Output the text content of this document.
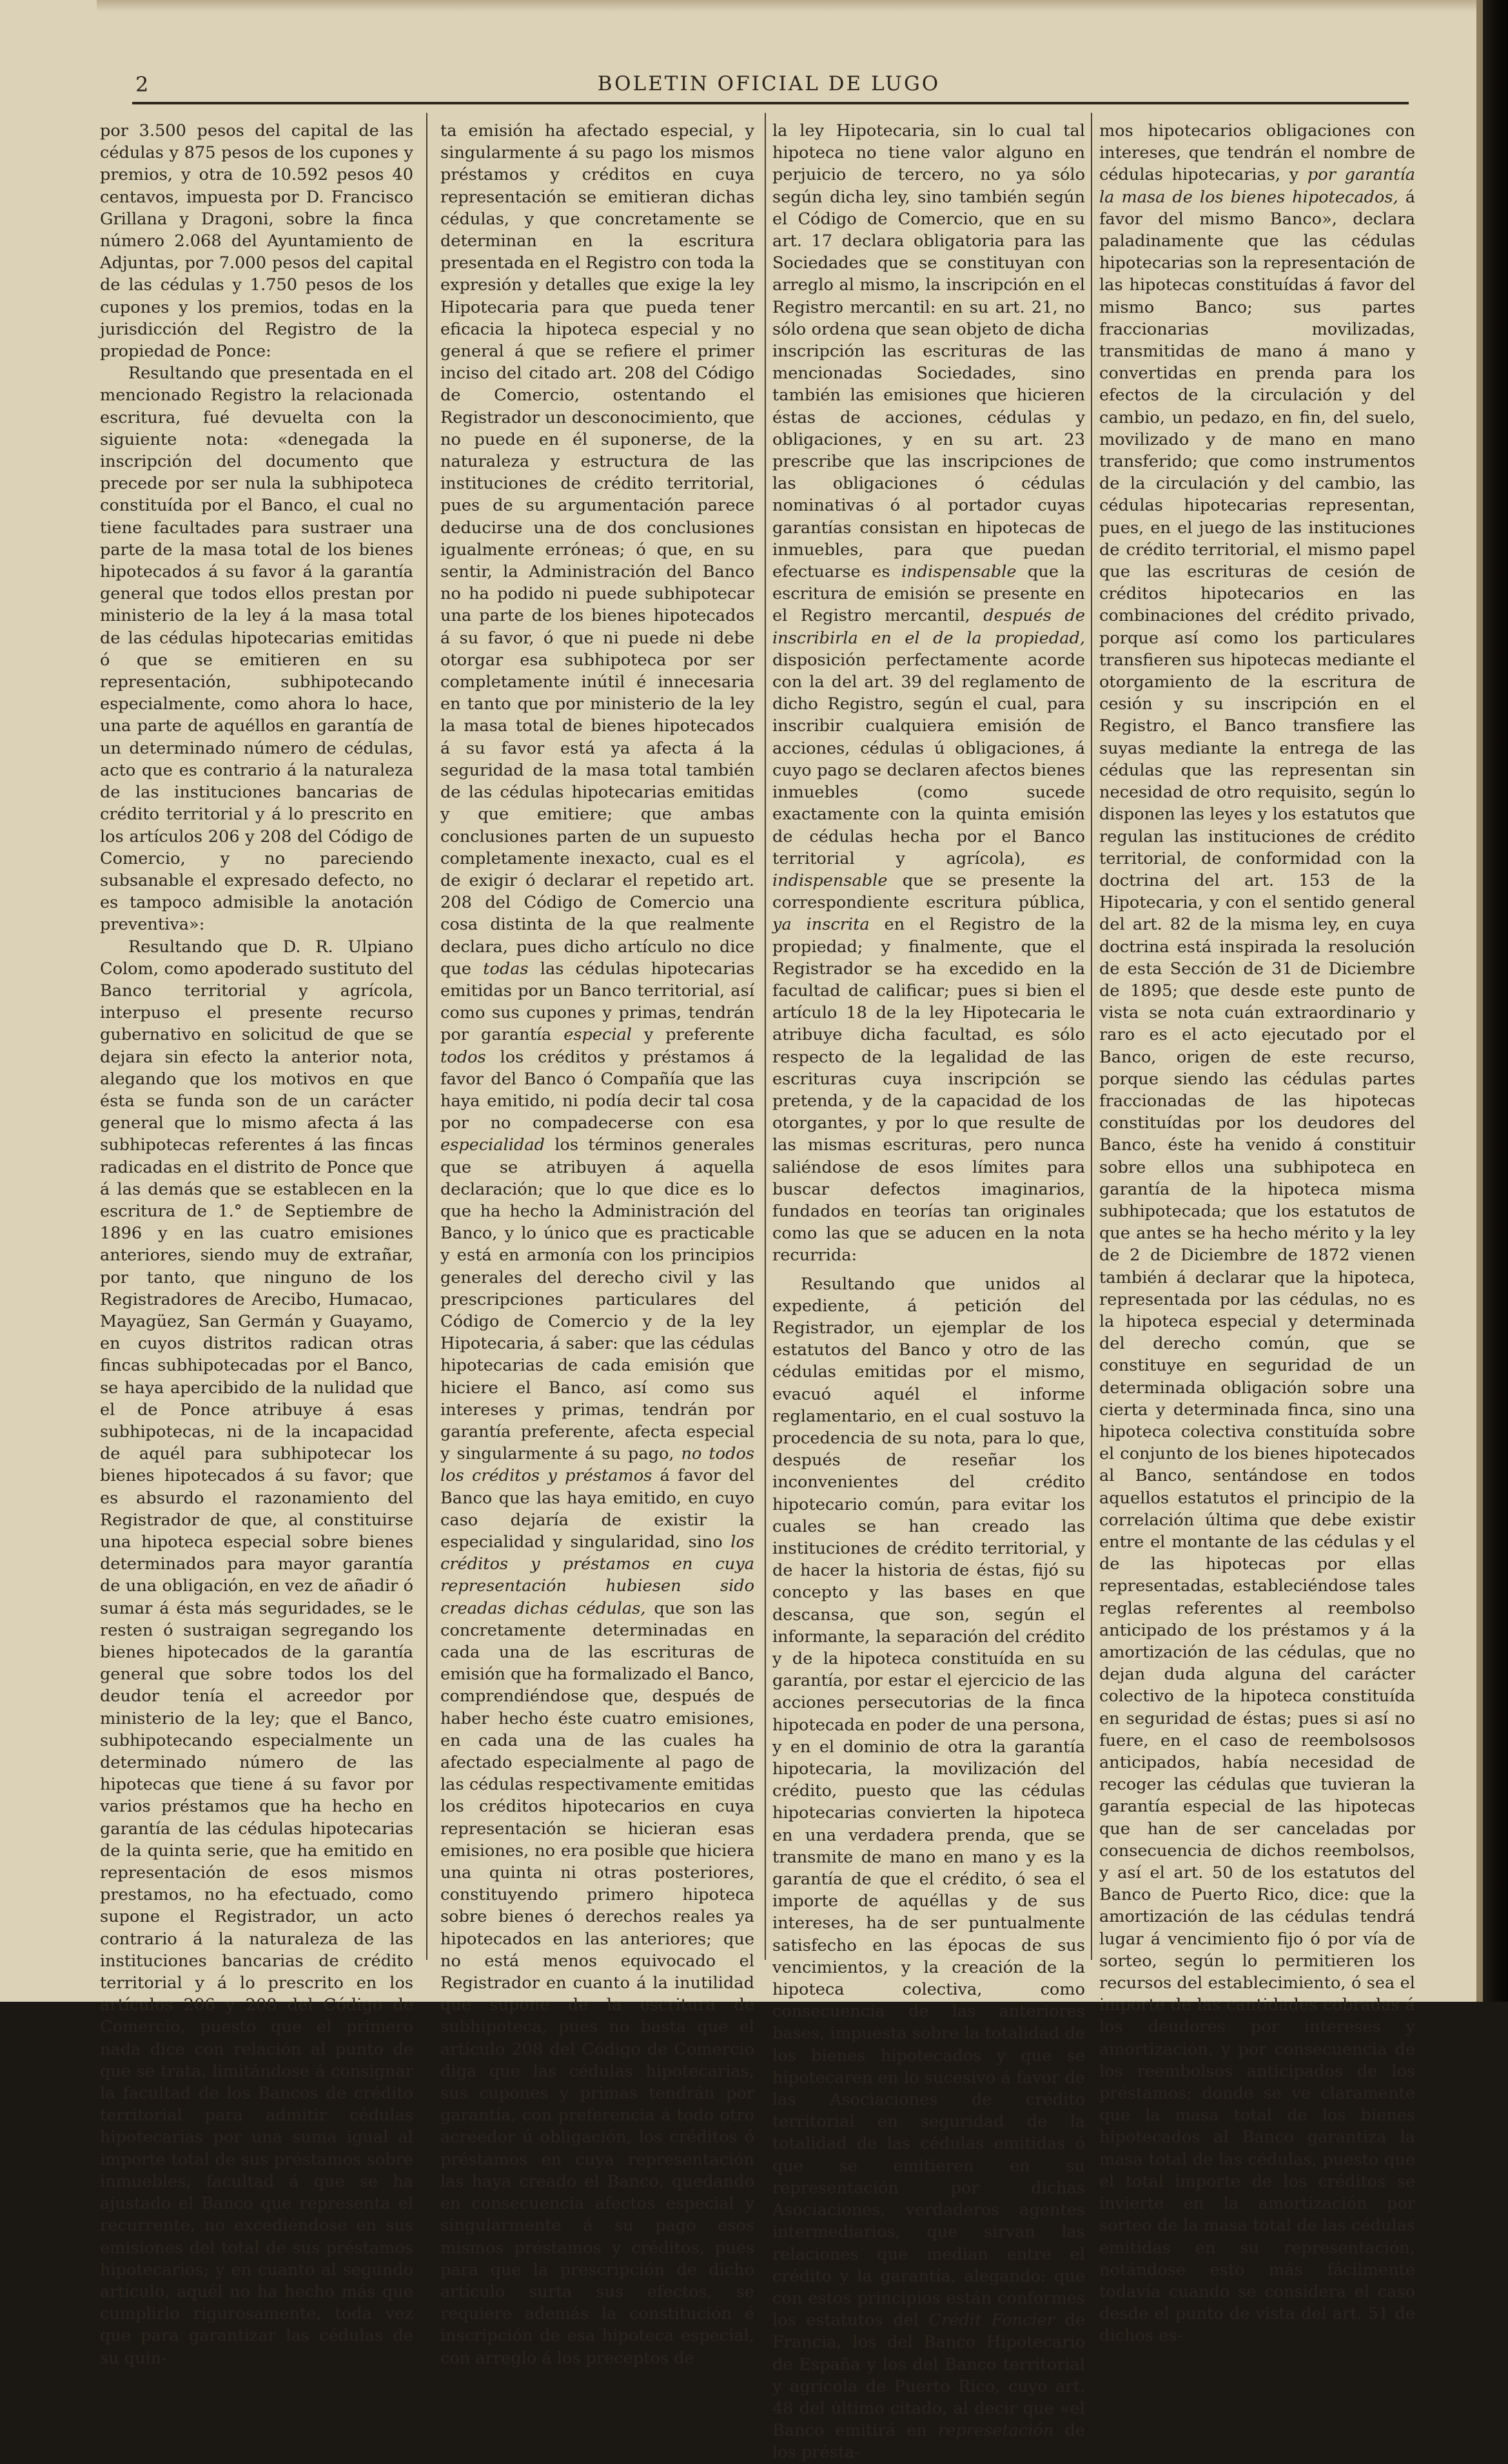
2	BOLETIN OFICIAL DE LUGO

por 3.500 pesos del capital de las cédulas y 875 pesos de los cupones y premios, y otra de 10.592 pesos 40 centavos, impuesta por D. Francisco Grillana y Dragoni, sobre la finca número 2.068 del Ayuntamiento de Adjuntas, por 7.000 pesos del capital de las cédulas y 1.750 pesos de los cupones y los premios, todas en la jurisdicción del Registro de la propiedad de Ponce:

Resultando que presentada en el mencionado Registro la relacionada escritura, fué devuelta con la siguiente nota: «denegada la inscripción del documento que precede por ser nula la subhipoteca constituída por el Banco, el cual no tiene facultades para sustraer una parte de la masa total de los bienes hipotecados á su favor á la garantía general que todos ellos prestan por ministerio de la ley á la masa total de las cédulas hipotecarias emitidas ó que se emitieren en su representación, subhipotecando especialmente, como ahora lo hace, una parte de aquéllos en garantía de un determinado número de cédulas, acto que es contrario á la naturaleza de las instituciones bancarias de crédito territorial y á lo prescrito en los artículos 206 y 208 del Código de Comercio, y no pareciendo subsanable el expresado defecto, no es tampoco admisible la anotación preventiva»:

Resultando que D. R. Ulpiano Colom, como apoderado sustituto del Banco territorial y agrícola, interpuso el presente recurso gubernativo en solicitud de que se dejara sin efecto la anterior nota, alegando que los motivos en que ésta se funda son de un carácter general que lo mismo afecta á las subhipotecas referentes á las fincas radicadas en el distrito de Ponce que á las demás que se establecen en la escritura de 1.° de Septiembre de 1896 y en las cuatro emisiones anteriores, siendo muy de extrañar, por tanto, que ninguno de los Registradores de Arecibo, Humacao, Mayagüez, San Germán y Guayamo, en cuyos distritos radican otras fincas subhipotecadas por el Banco, se haya apercibido de la nulidad que el de Ponce atribuye á esas subhipotecas, ni de la incapacidad de aquél para subhipotecar los bienes hipotecados á su favor; que es absurdo el razonamiento del Registrador de que, al constituirse una hipoteca especial sobre bienes determinados para mayor garantía de una obligación, en vez de añadir ó sumar á ésta más seguridades, se le resten ó sustraigan segregando los bienes hipotecados de la garantía general que sobre todos los del deudor tenía el acreedor por ministerio de la ley; que el Banco, subhipotecando especialmente un determinado número de las hipotecas que tiene á su favor por varios préstamos que ha hecho en garantía de las cédulas hipotecarias de la quinta serie, que ha emitido en representación de esos mismos prestamos, no ha efectuado, como supone el Registrador, un acto contrario á la naturaleza de las instituciones bancarias de crédito territorial y á lo prescrito en los artículos 206 y 208 del Código de Comercio, puesto que el primero nada dice con relación al punto de que se trata, limitándose á consignar la facultad de los Bancos de crédito territorial para admitir cédulas hipotecarias por una suma igual al importe total de sus préstamos sobre inmuebles, facultad á que se ha ajustado el Banco que representa el recurrente, no excediéndose en sus emisiones del total de sus préstamos hipotecarios; y en cuanto al segundo artículo, aquél no ha hecho más que cumplirlo rigurosamente, toda vez que para garantizar las cédulas de su quin-

ta emisión ha afectado especial, y singularmente á su pago los mismos préstamos y créditos en cuya representación se emitieran dichas cédulas, y que concretamente se determinan en la escritura presentada en el Registro con toda la expresión y detalles que exige la ley Hipotecaria para que pueda tener eficacia la hipoteca especial y no general á que se refiere el primer inciso del citado art. 208 del Código de Comercio, ostentando el Registrador un desconocimiento, que no puede en él suponerse, de la naturaleza y estructura de las instituciones de crédito territorial, pues de su argumentación parece deducirse una de dos conclusiones igualmente erróneas; ó que, en su sentir, la Administración del Banco no ha podido ni puede subhipotecar una parte de los bienes hipotecados á su favor, ó que ni puede ni debe otorgar esa subhipoteca por ser completamente inútil é innecesaria en tanto que por ministerio de la ley la masa total de bienes hipotecados á su favor está ya afecta á la seguridad de la masa total también de las cédulas hipotecarias emitidas y que emitiere; que ambas conclusiones parten de un supuesto completamente inexacto, cual es el de exigir ó declarar el repetido art. 208 del Código de Comercio una cosa distinta de la que realmente declara, pues dicho artículo no dice que todas las cédulas hipotecarias emitidas por un Banco territorial, así como sus cupones y primas, tendrán por garantía especial y preferente todos los créditos y préstamos á favor del Banco ó Compañía que las haya emitido, ni podía decir tal cosa por no compadecerse con esa especialidad los términos generales que se atribuyen á aquella declaración; que lo que dice es lo que ha hecho la Administración del Banco, y lo único que es practicable y está en armonía con los principios generales del derecho civil y las prescripciones particulares del Código de Comercio y de la ley Hipotecaria, á saber: que las cédulas hipotecarias de cada emisión que hiciere el Banco, así como sus intereses y primas, tendrán por garantía preferente, afecta especial y singularmente á su pago, no todos los créditos y préstamos á favor del Banco que las haya emitido, en cuyo caso dejaría de existir la especialidad y singularidad, sino los créditos y préstamos en cuya representación hubiesen sido creadas dichas cédulas, que son las concretamente determinadas en cada una de las escrituras de emisión que ha formalizado el Banco, comprendiéndose que, después de haber hecho éste cuatro emisiones, en cada una de las cuales ha afectado especialmente al pago de las cédulas respectivamente emitidas los créditos hipotecarios en cuya representación se hicieran esas emisiones, no era posible que hiciera una quinta ni otras posteriores, constituyendo primero hipoteca sobre bienes ó derechos reales ya hipotecados en las anteriores; que no está menos equivocado el Registrador en cuanto á la inutilidad que supone de la escritura de subhipoteca, pues no basta que el artículo 208 del Código de Comercio diga que las cédulas hipotecarias, sus cupones y primas tendrán por garantía, con preferencia á todo otro acreedor ú obligación, los créditos ó préstamos en cuya representación las haya creado el Banco, quedando en consecuencia afectos especial y singularmente á su pago esos mismos préstamos y créditos, pues para que la prescripción de dicho artículo surta sus efectos, se requiere además la constitución é inscripción de esa hipoteca especial, con arreglo á los preceptos de

la ley Hipotecaria, sin lo cual tal hipoteca no tiene valor alguno en perjuicio de tercero, no ya sólo según dicha ley, sino también según el Código de Comercio, que en su art. 17 declara obligatoria para las Sociedades que se constituyan con arreglo al mismo, la inscripción en el Registro mercantil: en su art. 21, no sólo ordena que sean objeto de dicha inscripción las escrituras de las mencionadas Sociedades, sino también las emisiones que hicieren éstas de acciones, cédulas y obligaciones, y en su art. 23 prescribe que las inscripciones de las obligaciones ó cédulas nominativas ó al portador cuyas garantías consistan en hipotecas de inmuebles, para que puedan efectuarse es indispensable que la escritura de emisión se presente en el Registro mercantil, después de inscribirla en el de la propiedad, disposición perfectamente acorde con la del art. 39 del reglamento de dicho Registro, según el cual, para inscribir cualquiera emisión de acciones, cédulas ú obligaciones, á cuyo pago se declaren afectos bienes inmuebles (como sucede exactamente con la quinta emisión de cédulas hecha por el Banco territorial y agrícola), es indispensable que se presente la correspondiente escritura pública, ya inscrita en el Registro de la propiedad; y finalmente, que el Registrador se ha excedido en la facultad de calificar; pues si bien el artículo 18 de la ley Hipotecaria le atribuye dicha facultad, es sólo respecto de la legalidad de las escrituras cuya inscripción se pretenda, y de la capacidad de los otorgantes, y por lo que resulte de las mismas escrituras, pero nunca saliéndose de esos límites para buscar defectos imaginarios, fundados en teorías tan originales como las que se aducen en la nota recurrida:

Resultando que unidos al expediente, á petición del Registrador, un ejemplar de los estatutos del Banco y otro de las cédulas emitidas por el mismo, evacuó aquél el informe reglamentario, en el cual sostuvo la procedencia de su nota, para lo que, después de reseñar los inconvenientes del crédito hipotecario común, para evitar los cuales se han creado las instituciones de crédito territorial, y de hacer la historia de éstas, fijó su concepto y las bases en que descansa, que son, según el informante, la separación del crédito y de la hipoteca constituída en su garantía, por estar el ejercicio de las acciones persecutorias de la finca hipotecada en poder de una persona, y en el dominio de otra la garantía hipotecaria, la movilización del crédito, puesto que las cédulas hipotecarias convierten la hipoteca en una verdadera prenda, que se transmite de mano en mano y es la garantía de que el crédito, ó sea el importe de aquéllas y de sus intereses, ha de ser puntualmente satisfecho en las épocas de sus vencimientos, y la creación de la hipoteca colectiva, como consecuencia de las anteriores bases, impuesta sobre la totalidad de los bienes hipotecados y que se hipotecaren en lo sucesivo á favor de las Asociaciones de crédito territorial en seguridad de la totalidad de las cédulas emitidas ó que se emitieren en su representación por dichas Asociaciones, verdaderos agentes intermediarios, que sirvan las relaciones que median entre el crédito y la garantía, alegando: que con estos principios están conformes los estatutos del Crédit Foncier de Francia, los del Banco Hipotecario de España y los del Banco territorial y agrícola de Puerto Rico, cuyo art. 48 del último citado, al decir que «el Banco emitirá en represetación de los présta-

mos hipotecarios obligaciones con intereses, que tendrán el nombre de cédulas hipotecarias, y por garantía la masa de los bienes hipotecados, á favor del mismo Banco», declara paladinamente que las cédulas hipotecarias son la representación de las hipotecas constituídas á favor del mismo Banco; sus partes fraccionarias movilizadas, transmitidas de mano á mano y convertidas en prenda para los efectos de la circulación y del cambio, un pedazo, en fin, del suelo, movilizado y de mano en mano transferido; que como instrumentos de la circulación y del cambio, las cédulas hipotecarias representan, pues, en el juego de las instituciones de crédito territorial, el mismo papel que las escrituras de cesión de créditos hipotecarios en las combinaciones del crédito privado, porque así como los particulares transfieren sus hipotecas mediante el otorgamiento de la escritura de cesión y su inscripción en el Registro, el Banco transfiere las suyas mediante la entrega de las cédulas que las representan sin necesidad de otro requisito, según lo disponen las leyes y los estatutos que regulan las instituciones de crédito territorial, de conformidad con la doctrina del art. 153 de la Hipotecaria, y con el sentido general del art. 82 de la misma ley, en cuya doctrina está inspirada la resolución de esta Sección de 31 de Diciembre de 1895; que desde este punto de vista se nota cuán extraordinario y raro es el acto ejecutado por el Banco, origen de este recurso, porque siendo las cédulas partes fraccionadas de las hipotecas constituídas por los deudores del Banco, éste ha venido á constituir sobre ellos una subhipoteca en garantía de la hipoteca misma subhipotecada; que los estatutos de que antes se ha hecho mérito y la ley de 2 de Diciembre de 1872 vienen también á declarar que la hipoteca, representada por las cédulas, no es la hipoteca especial y determinada del derecho común, que se constituye en seguridad de un determinada obligación sobre una cierta y determinada finca, sino una hipoteca colectiva constituída sobre el conjunto de los bienes hipotecados al Banco, sentándose en todos aquellos estatutos el principio de la correlación última que debe existir entre el montante de las cédulas y el de las hipotecas por ellas representadas, estableciéndose tales reglas referentes al reembolso anticipado de los préstamos y á la amortización de las cédulas, que no dejan duda alguna del carácter colectivo de la hipoteca constituída en seguridad de éstas; pues si así no fuere, en el caso de reembolsosos anticipados, había necesidad de recoger las cédulas que tuvieran la garantía especial de las hipotecas que han de ser canceladas por consecuencia de dichos reembolsos, y así el art. 50 de los estatutos del Banco de Puerto Rico, dice: que la amortización de las cédulas tendrá lugar á vencimiento fijo ó por vía de sorteo, según lo permitieren los recursos del establecimiento, ó sea el importe de las cantidades cobradas á los deudores por intereses y amortización, y por consecuencia de los reembolsos anticipados de los préstamos; donde se ve claramente que la masa total de los bienes hipotecados al Banco garantiza la masa total de las cédulas, puesto que el total importe de los créditos se invierte en la amortización por sorteo de la masa total de las cédulas emitidas en su representación, notándose esto más fácilmente todavía cuando se considera el caso desde el punto de vista del art. 51 de dichos es-
